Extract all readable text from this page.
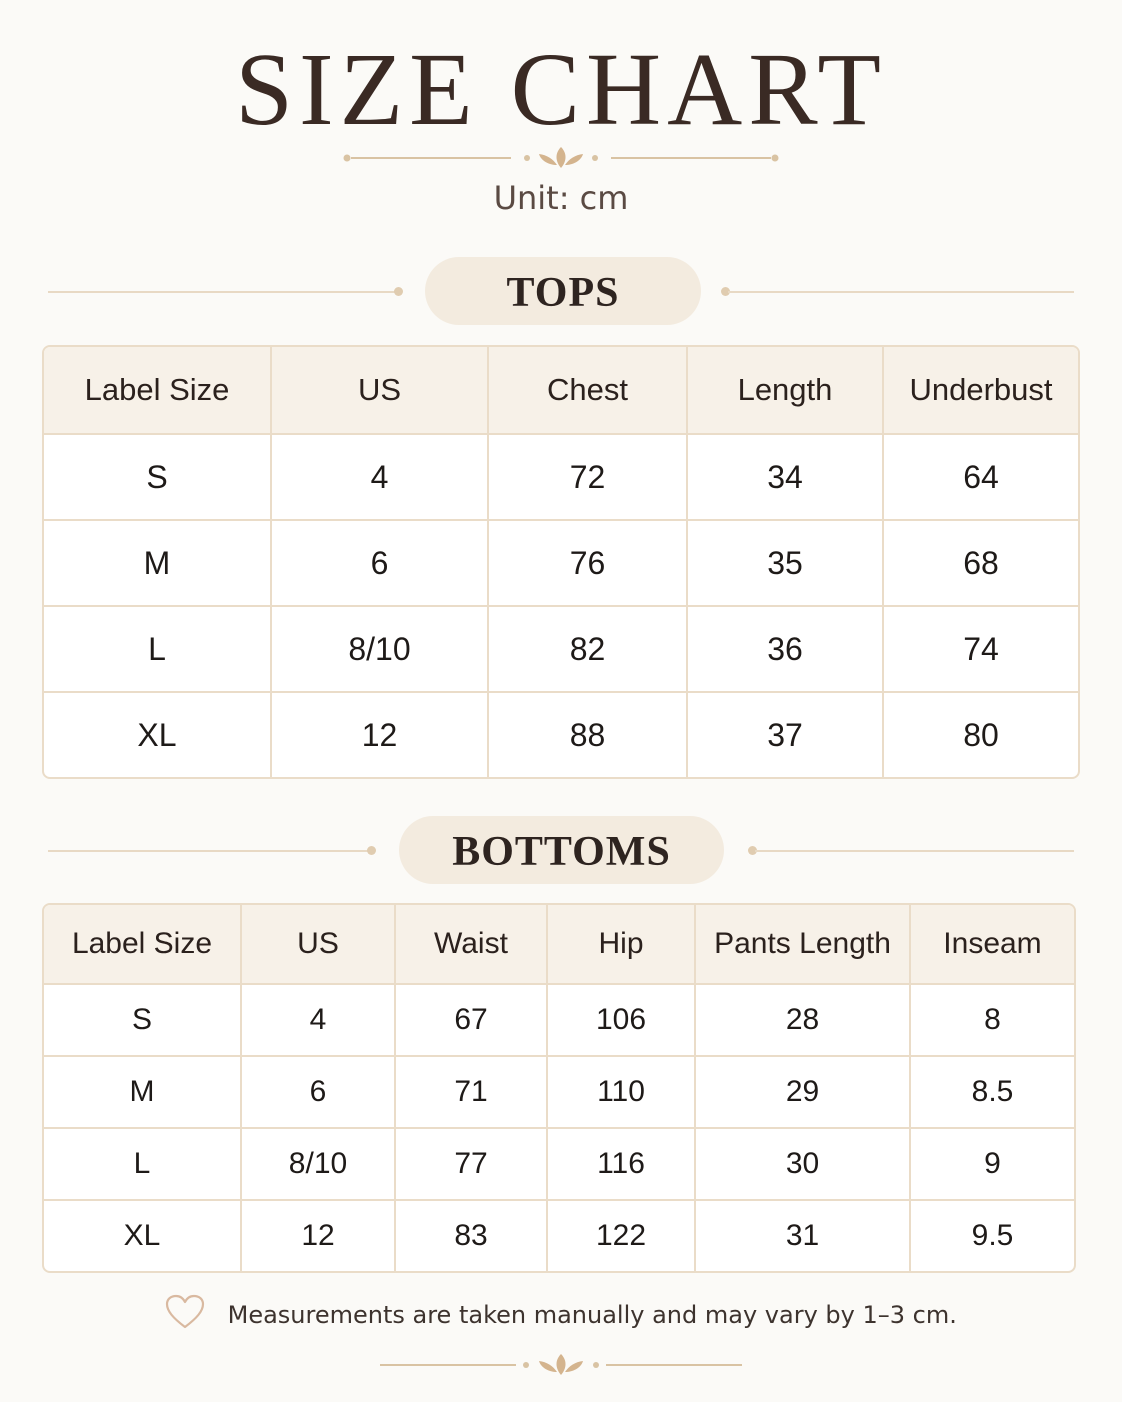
SIZE CHART
Unit: cm
TOPS
Label Size	US	Chest	Length	Underbust
S	4	72	34	64
M	6	76	35	68
L	8/10	82	36	74
XL	12	88	37	80
BOTTOMS
Label Size	US	Waist	Hip	Pants Length	Inseam
S	4	67	106	28	8
M	6	71	110	29	8.5
L	8/10	77	116	30	9
XL	12	83	122	31	9.5
Measurements are taken manually and may vary by 1–3 cm.
